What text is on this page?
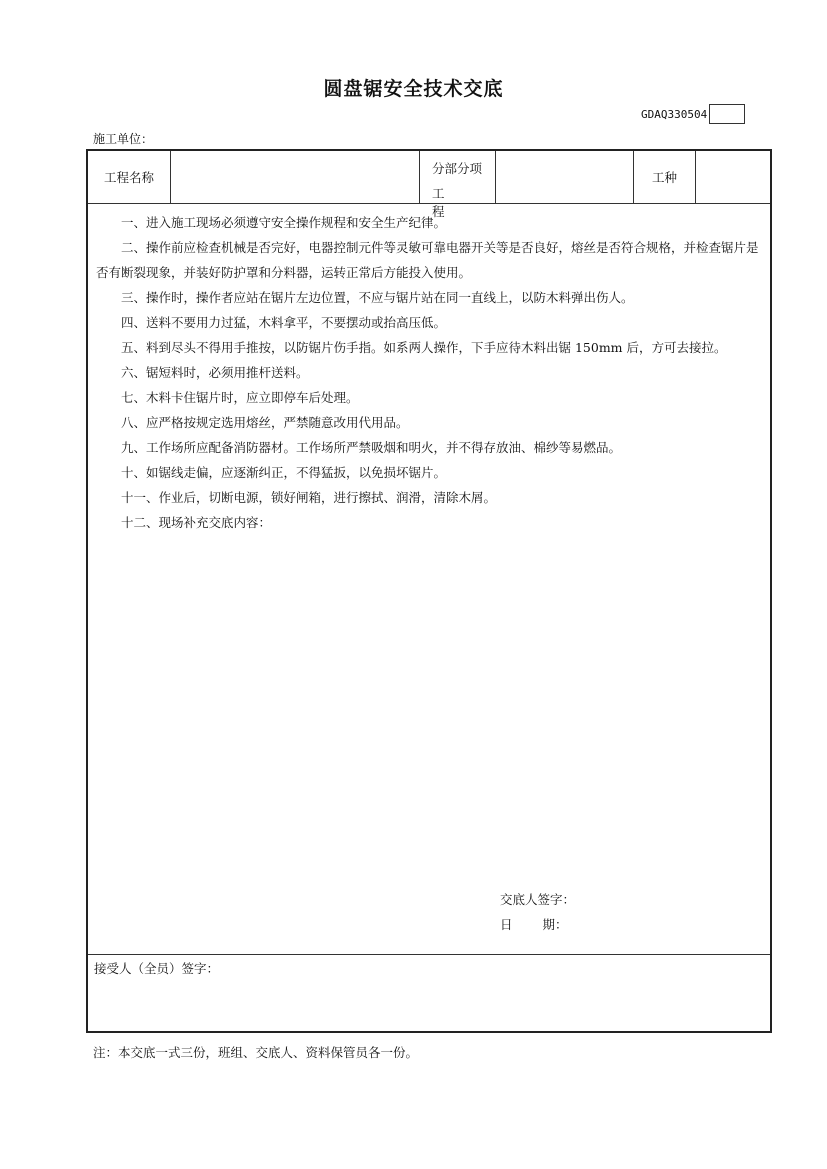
圆盘锯安全技术交底
GDAQ330504
施工单位：
工程名称
分部分项
工程
工种
一、进入施工现场必须遵守安全操作规程和安全生产纪律。
二、操作前应检查机械是否完好，电器控制元件等灵敏可靠电器开关等是否良好，熔丝是否符合规格，并检查锯片是否有断裂现象，并装好防护罩和分料器，运转正常后方能投入使用。
三、操作时，操作者应站在锯片左边位置，不应与锯片站在同一直线上，以防木料弹出伤人。
四、送料不要用力过猛，木料拿平，不要摆动或抬高压低。
五、料到尽头不得用手推按，以防锯片伤手指。如系两人操作，下手应待木料出锯 150mm 后，方可去接拉。
六、锯短料时，必须用推杆送料。
七、木料卡住锯片时，应立即停车后处理。
八、应严格按规定选用熔丝，严禁随意改用代用品。
九、工作场所应配备消防器材。工作场所严禁吸烟和明火，并不得存放油、棉纱等易燃品。
十、如锯线走偏，应逐渐纠正，不得猛扳，以免损坏锯片。
十一、作业后，切断电源，锁好闸箱，进行擦拭、润滑，清除木屑。
十二、现场补充交底内容：
交底人签字：
日 期：
接受人（全员）签字：
注：本交底一式三份，班组、交底人、资料保管员各一份。
